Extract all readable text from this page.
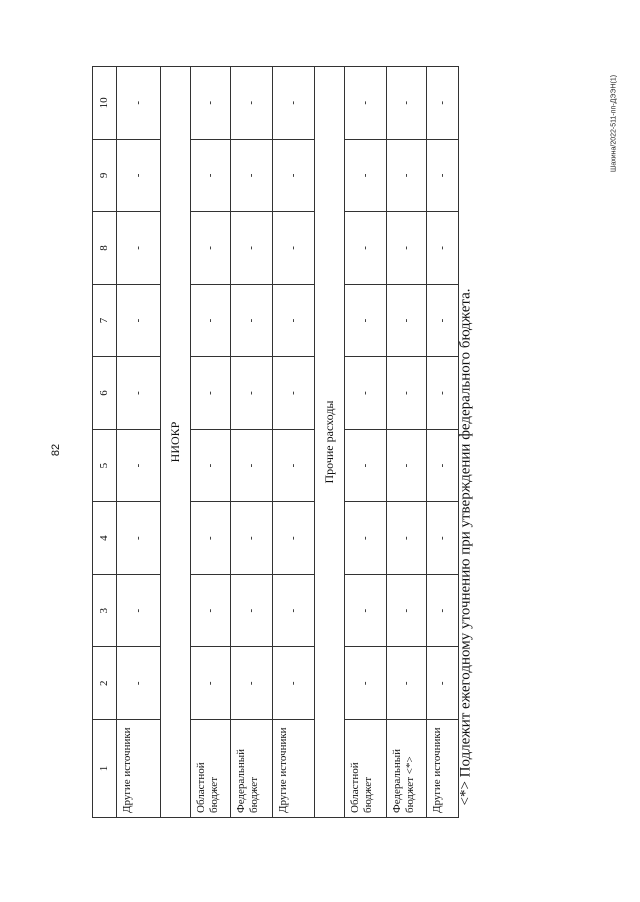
82
Шахина/2022-511-пп-ДЭЭН(1)
1	2	3	4	5	6	7	8	9	10
Другие источники	-	-	-	-	-	-	-	-	-
НИОКР									
Областной бюджет	-	-	-	-	-	-	-	-	-
Федеральный бюджет	-	-	-	-	-	-	-	-	-
Другие источники	-	-	-	-	-	-	-	-	-
Прочие расходы									
Областной бюджет	-	-	-	-	-	-	-	-	-
Федеральный бюджет <*>	-	-	-	-	-	-	-	-	-
Другие источники	-	-	-	-	-	-	-	-	-
<*> Подлежит ежегодному уточнению при утверждении федерального бюджета.
